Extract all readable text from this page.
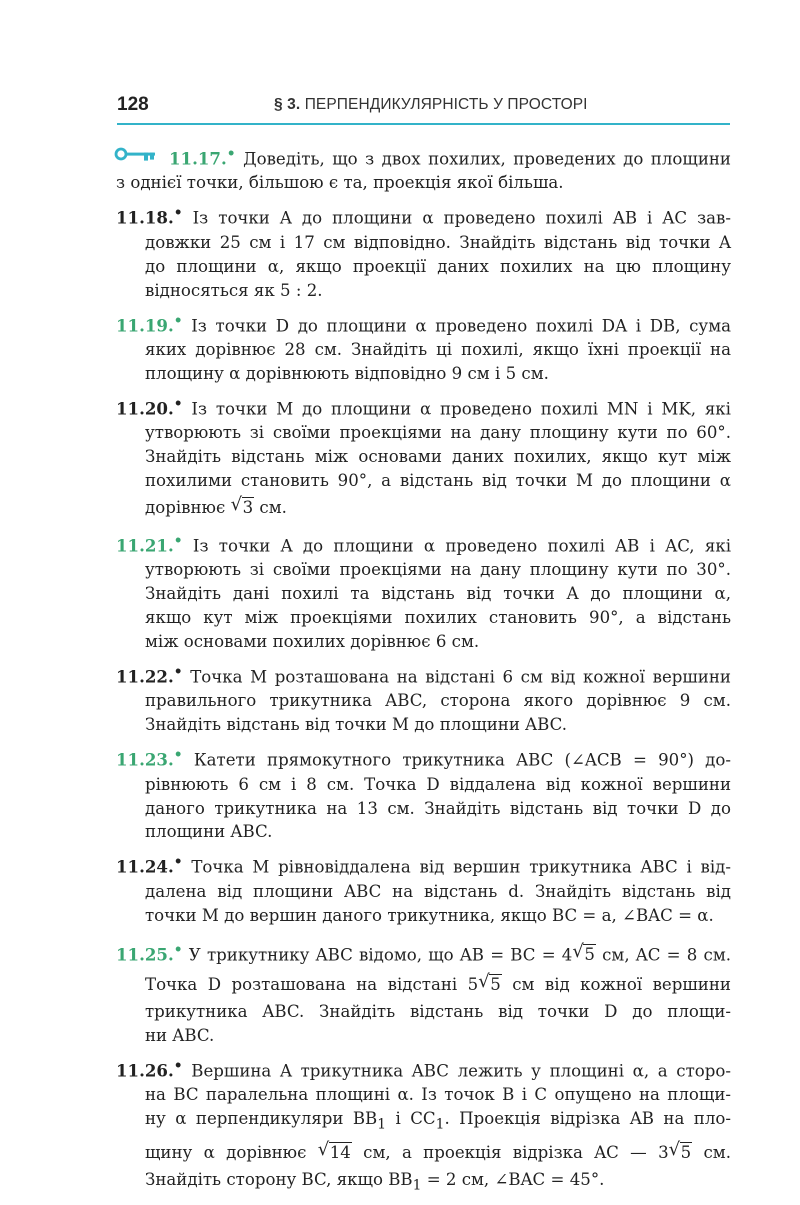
128	§ 3. ПЕРПЕНДИКУЛЯРНІСТЬ У ПРОСТОРІ
11.17.• Доведіть, що з двох похилих, проведених до площини
з однієї точки, більшою є та, проекція якої більша.
11.18.• Із точки A до площини α проведено похилі AB і AC зав-
довжки 25 см і 17 см відповідно. Знайдіть відстань від точки A
до площини α, якщо проекції даних похилих на цю площину
відносяться як 5 : 2.
11.19.• Із точки D до площини α проведено похилі DA і DB, сума
яких дорівнює 28 см. Знайдіть ці похилі, якщо їхні проекції на
площину α дорівнюють відповідно 9 см і 5 см.
11.20.• Із точки M до площини α проведено похилі MN і MK, які
утворюють зі своїми проекціями на дану площину кути по 60°.
Знайдіть відстань між основами даних похилих, якщо кут між
похилими становить 90°, а відстань від точки M до площини α
дорівнює √ 3 см.
11.21.• Із точки A до площини α проведено похилі AB і AC, які
утворюють зі своїми проекціями на дану площину кути по 30°.
Знайдіть дані похилі та відстань від точки A до площини α,
якщо кут між проекціями похилих становить 90°, а відстань
між основами похилих дорівнює 6 см.
11.22.• Точка M розташована на відстані 6 см від кожної вершини
правильного трикутника ABC, сторона якого дорівнює 9 см.
Знайдіть відстань від точки M до площини ABC.
11.23.• Катети прямокутного трикутника ABC (∠ACB = 90°) до-
рівнюють 6 см і 8 см. Точка D віддалена від кожної вершини
даного трикутника на 13 см. Знайдіть відстань від точки D до
площини ABC.
11.24.• Точка M рівновіддалена від вершин трикутника ABC і від-
далена від площини ABC на відстань d. Знайдіть відстань від
точки M до вершин даного трикутника, якщо BC = a, ∠BAC = α.
11.25.• У трикутнику ABC відомо, що AB = BC = 4 √ 5 см, AC = 8 см.
Точка D розташована на відстані 5 √ 5 см від кожної вершини
трикутника ABC. Знайдіть відстань від точки D до площи-
ни ABC.
11.26.• Вершина A трикутника ABC лежить у площині α, а сторо-
на BC паралельна площині α. Із точок B і C опущено на площи-
ну α перпендикуляри $BB_1$ і $CC_1$. Проекція відрізка AB на пло-
щину α дорівнює √ 14 см, а проекція відрізка AC — 3 √ 5 см.
Знайдіть сторону BC, якщо $BB_1 = 2$ см, ∠BAC = 45°.
